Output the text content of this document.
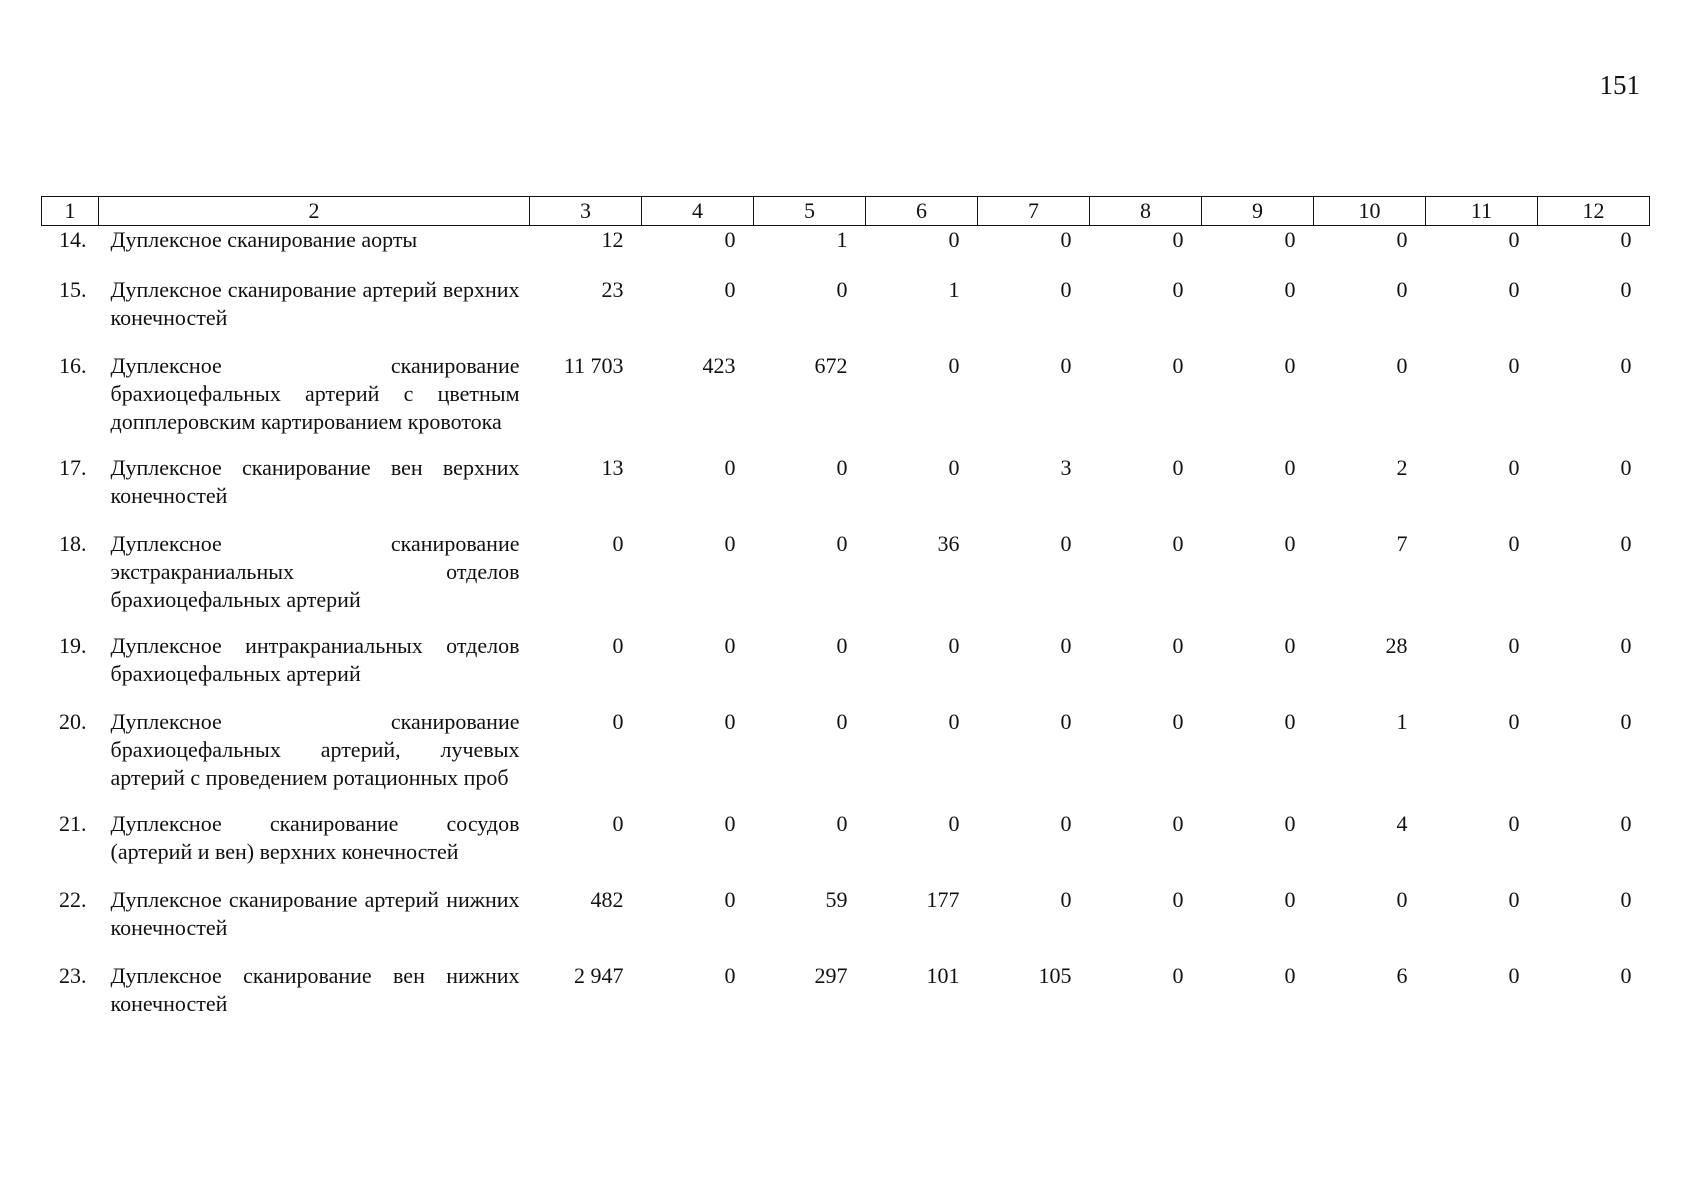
151
1	2	3	4	5	6	7	8	9	10	11	12
14.	Дуплексное сканирование аорты	12	0	1	0	0	0	0	0	0	0
15.	Дуплексное сканирование артерий верхних конечностей	23	0	0	1	0	0	0	0	0	0
16.	Дуплексное сканирование брахиоцефальных артерий с цветным допплеровским картированием кровотока	11 703	423	672	0	0	0	0	0	0	0
17.	Дуплексное сканирование вен верхних конечностей	13	0	0	0	3	0	0	2	0	0
18.	Дуплексное сканирование экстракраниальных отделов брахиоцефальных артерий	0	0	0	36	0	0	0	7	0	0
19.	Дуплексное интракраниальных отделов брахиоцефальных артерий	0	0	0	0	0	0	0	28	0	0
20.	Дуплексное сканирование брахиоцефальных артерий, лучевых артерий с проведением ротационных проб	0	0	0	0	0	0	0	1	0	0
21.	Дуплексное сканирование сосудов (артерий и вен) верхних конечностей	0	0	0	0	0	0	0	4	0	0
22.	Дуплексное сканирование артерий нижних конечностей	482	0	59	177	0	0	0	0	0	0
23.	Дуплексное сканирование вен нижних конечностей	2 947	0	297	101	105	0	0	6	0	0
